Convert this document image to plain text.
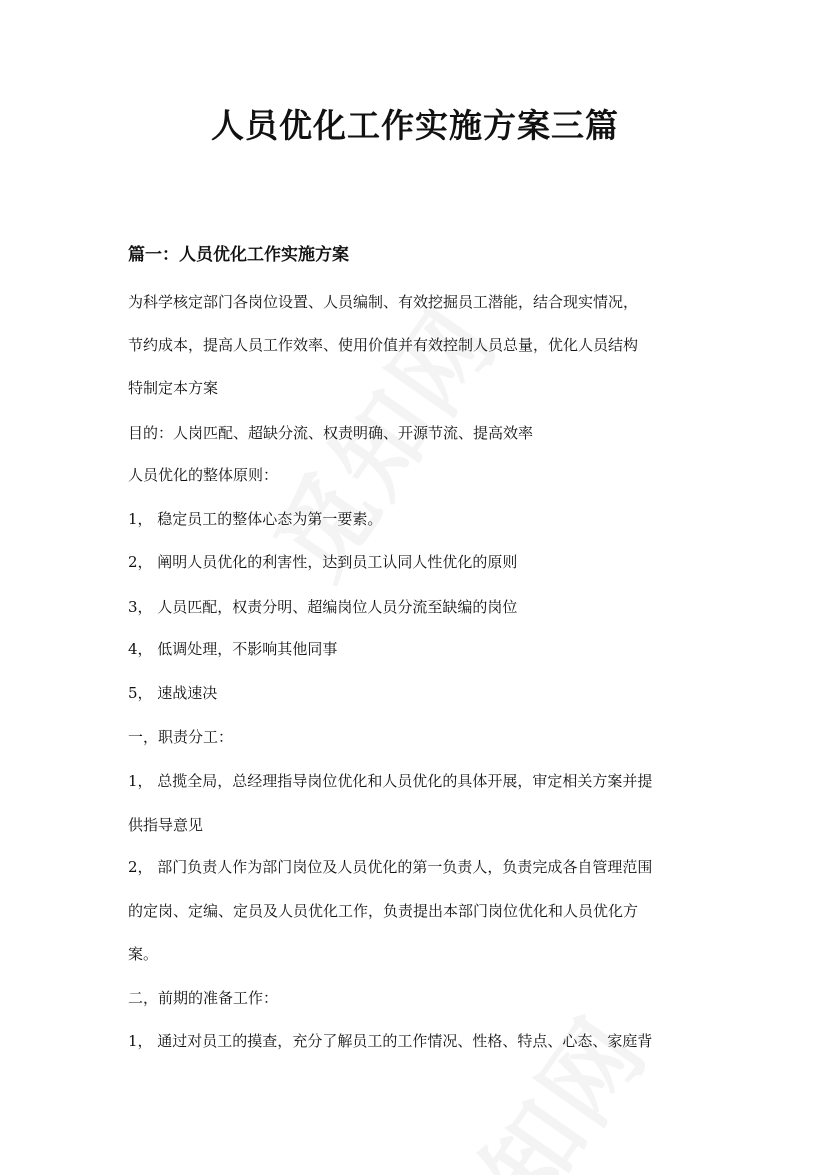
人员优化工作实施方案三篇
篇一：人员优化工作实施方案

为科学核定部门各岗位设置、人员编制、有效挖掘员工潜能，结合现实情况，

节约成本，提高人员工作效率、使用价值并有效控制人员总量，优化人员结构

特制定本方案

目的：人岗匹配、超缺分流、权责明确、开源节流、提高效率

人员优化的整体原则：

1， 稳定员工的整体心态为第一要素。

2， 阐明人员优化的利害性，达到员工认同人性优化的原则

3， 人员匹配，权责分明、超编岗位人员分流至缺编的岗位

4， 低调处理，不影响其他同事

5， 速战速决

一，职责分工：

1， 总揽全局，总经理指导岗位优化和人员优化的具体开展，审定相关方案并提

供指导意见

2， 部门负责人作为部门岗位及人员优化的第一负责人，负责完成各自管理范围

的定岗、定编、定员及人员优化工作，负责提出本部门岗位优化和人员优化方

案。

二，前期的准备工作：

1， 通过对员工的摸查，充分了解员工的工作情况、性格、特点、心态、家庭背
